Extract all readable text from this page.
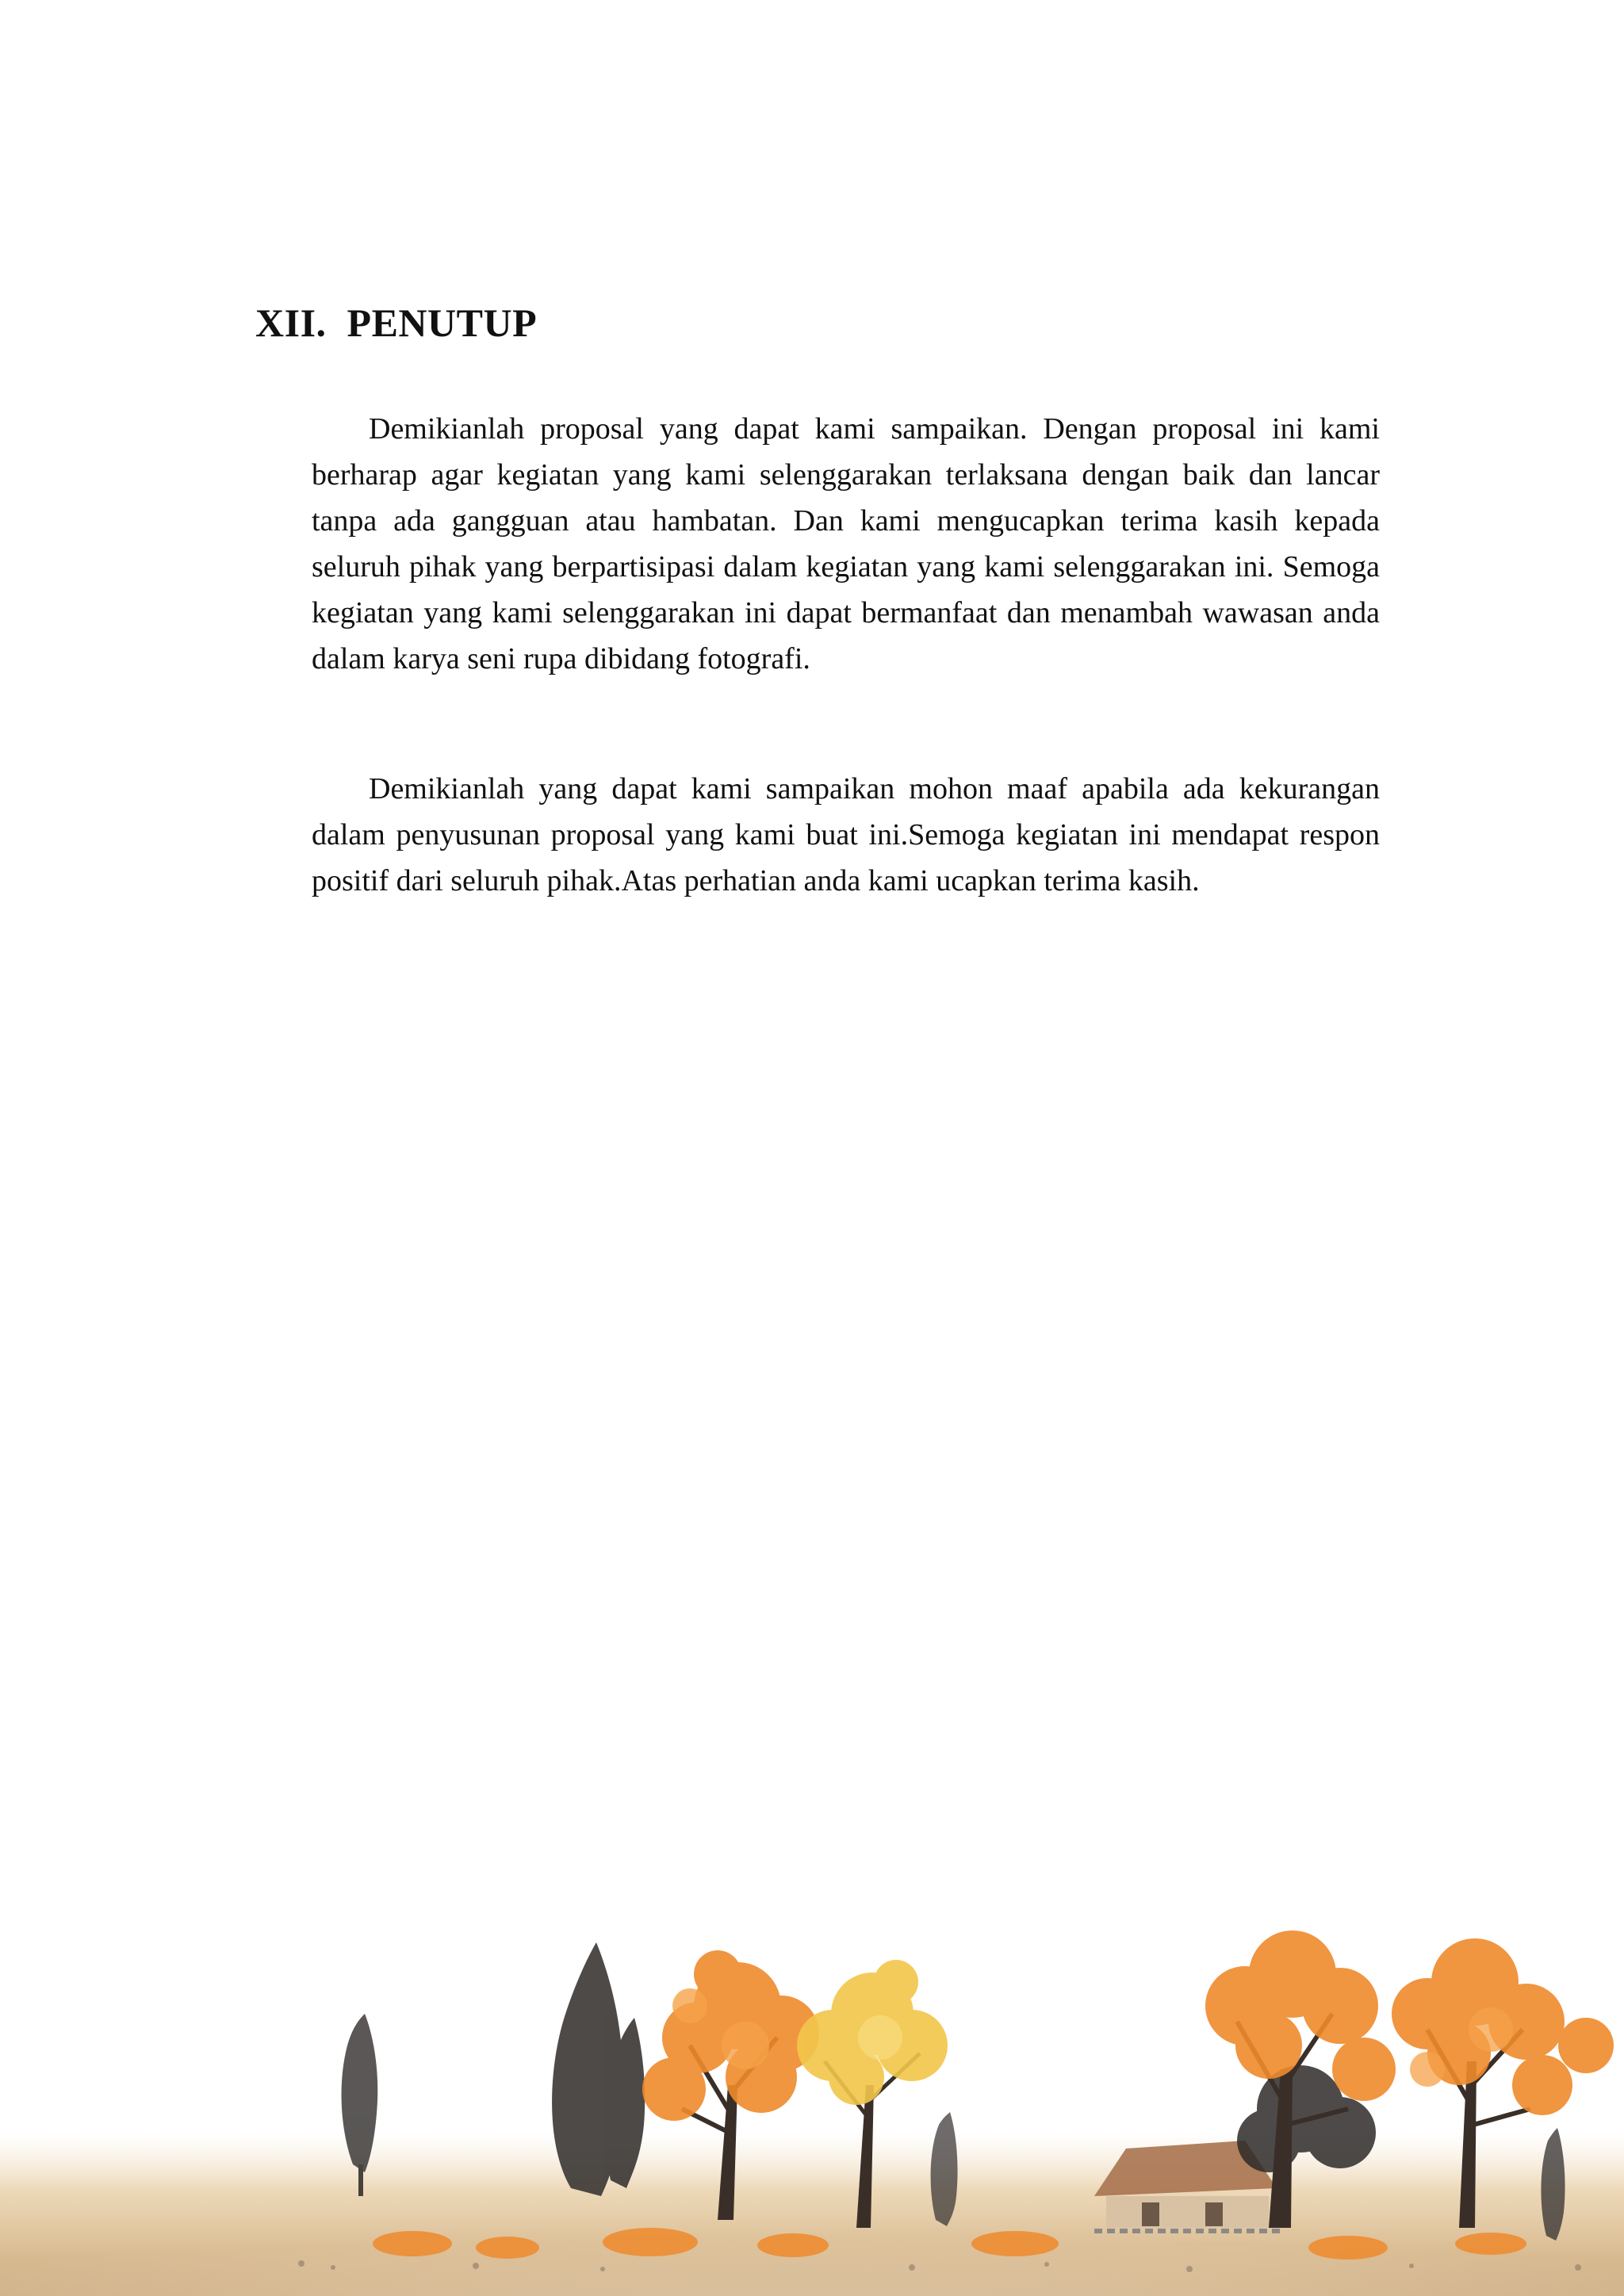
XII. PENUTUP

Demikianlah proposal yang dapat kami sampaikan. Dengan proposal ini kami berharap agar kegiatan yang kami selenggarakan terlaksana dengan baik dan lancar tanpa ada gangguan atau hambatan. Dan kami mengucapkan terima kasih kepada seluruh pihak yang berpartisipasi dalam kegiatan yang kami selenggarakan ini. Semoga kegiatan yang kami selenggarakan ini dapat bermanfaat dan menambah wawasan anda dalam karya seni rupa dibidang fotografi.

Demikianlah yang dapat kami sampaikan mohon maaf apabila ada kekurangan dalam penyusunan proposal yang kami buat ini.Semoga kegiatan ini mendapat respon positif dari seluruh pihak.Atas perhatian anda kami ucapkan terima kasih.
